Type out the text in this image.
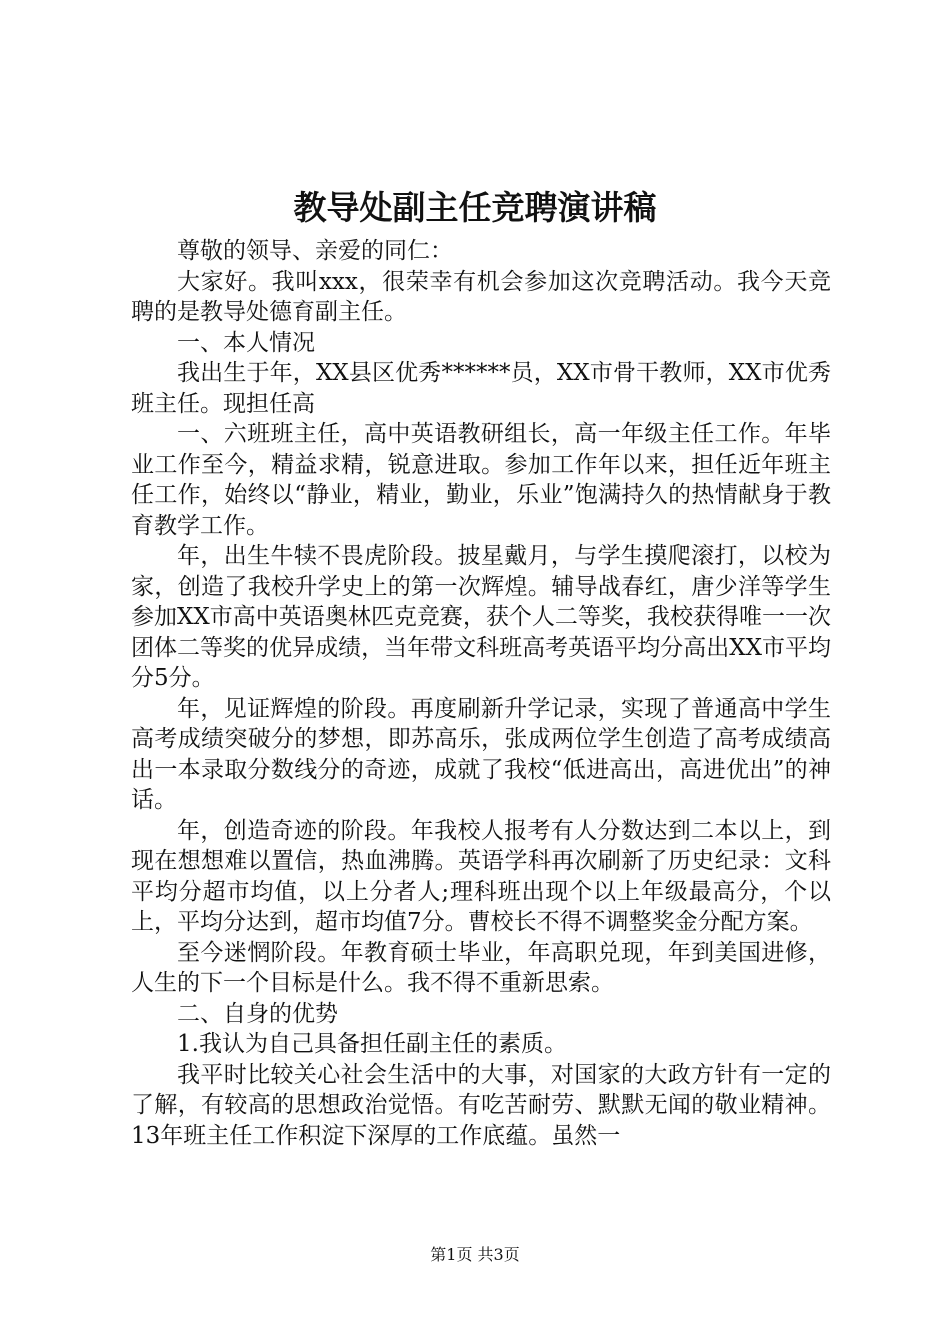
教导处副主任竞聘演讲稿

尊敬的领导、亲爱的同仁：

大家好。我叫xxx，很荣幸有机会参加这次竞聘活动。我今天竞聘的是教导处德育副主任。

一、本人情况

我出生于年，XX县区优秀******员，XX市骨干教师，XX市优秀班主任。现担任高

一、六班班主任，高中英语教研组长，高一年级主任工作。年毕业工作至今，精益求精，锐意进取。参加工作年以来，担任近年班主任工作，始终以“静业，精业，勤业，乐业”饱满持久的热情献身于教育教学工作。

年，出生牛犊不畏虎阶段。披星戴月，与学生摸爬滚打，以校为家，创造了我校升学史上的第一次辉煌。辅导战春红，唐少洋等学生参加XX市高中英语奥林匹克竞赛，获个人二等奖，我校获得唯一一次团体二等奖的优异成绩，当年带文科班高考英语平均分高出XX市平均分5分。

年，见证辉煌的阶段。再度刷新升学记录，实现了普通高中学生高考成绩突破分的梦想，即苏高乐，张成两位学生创造了高考成绩高出一本录取分数线分的奇迹，成就了我校“低进高出，高进优出”的神话。

年，创造奇迹的阶段。年我校人报考有人分数达到二本以上，到现在想想难以置信，热血沸腾。英语学科再次刷新了历史纪录：文科平均分超市均值，以上分者人;理科班出现个以上年级最高分，个以上，平均分达到，超市均值7分。曹校长不得不调整奖金分配方案。

至今迷惘阶段。年教育硕士毕业，年高职兑现，年到美国进修，人生的下一个目标是什么。我不得不重新思索。

二、自身的优势

1.我认为自己具备担任副主任的素质。

我平时比较关心社会生活中的大事，对国家的大政方针有一定的了解，有较高的思想政治觉悟。有吃苦耐劳、默默无闻的敬业精神。13年班主任工作积淀下深厚的工作底蕴。虽然一

第1页 共3页
